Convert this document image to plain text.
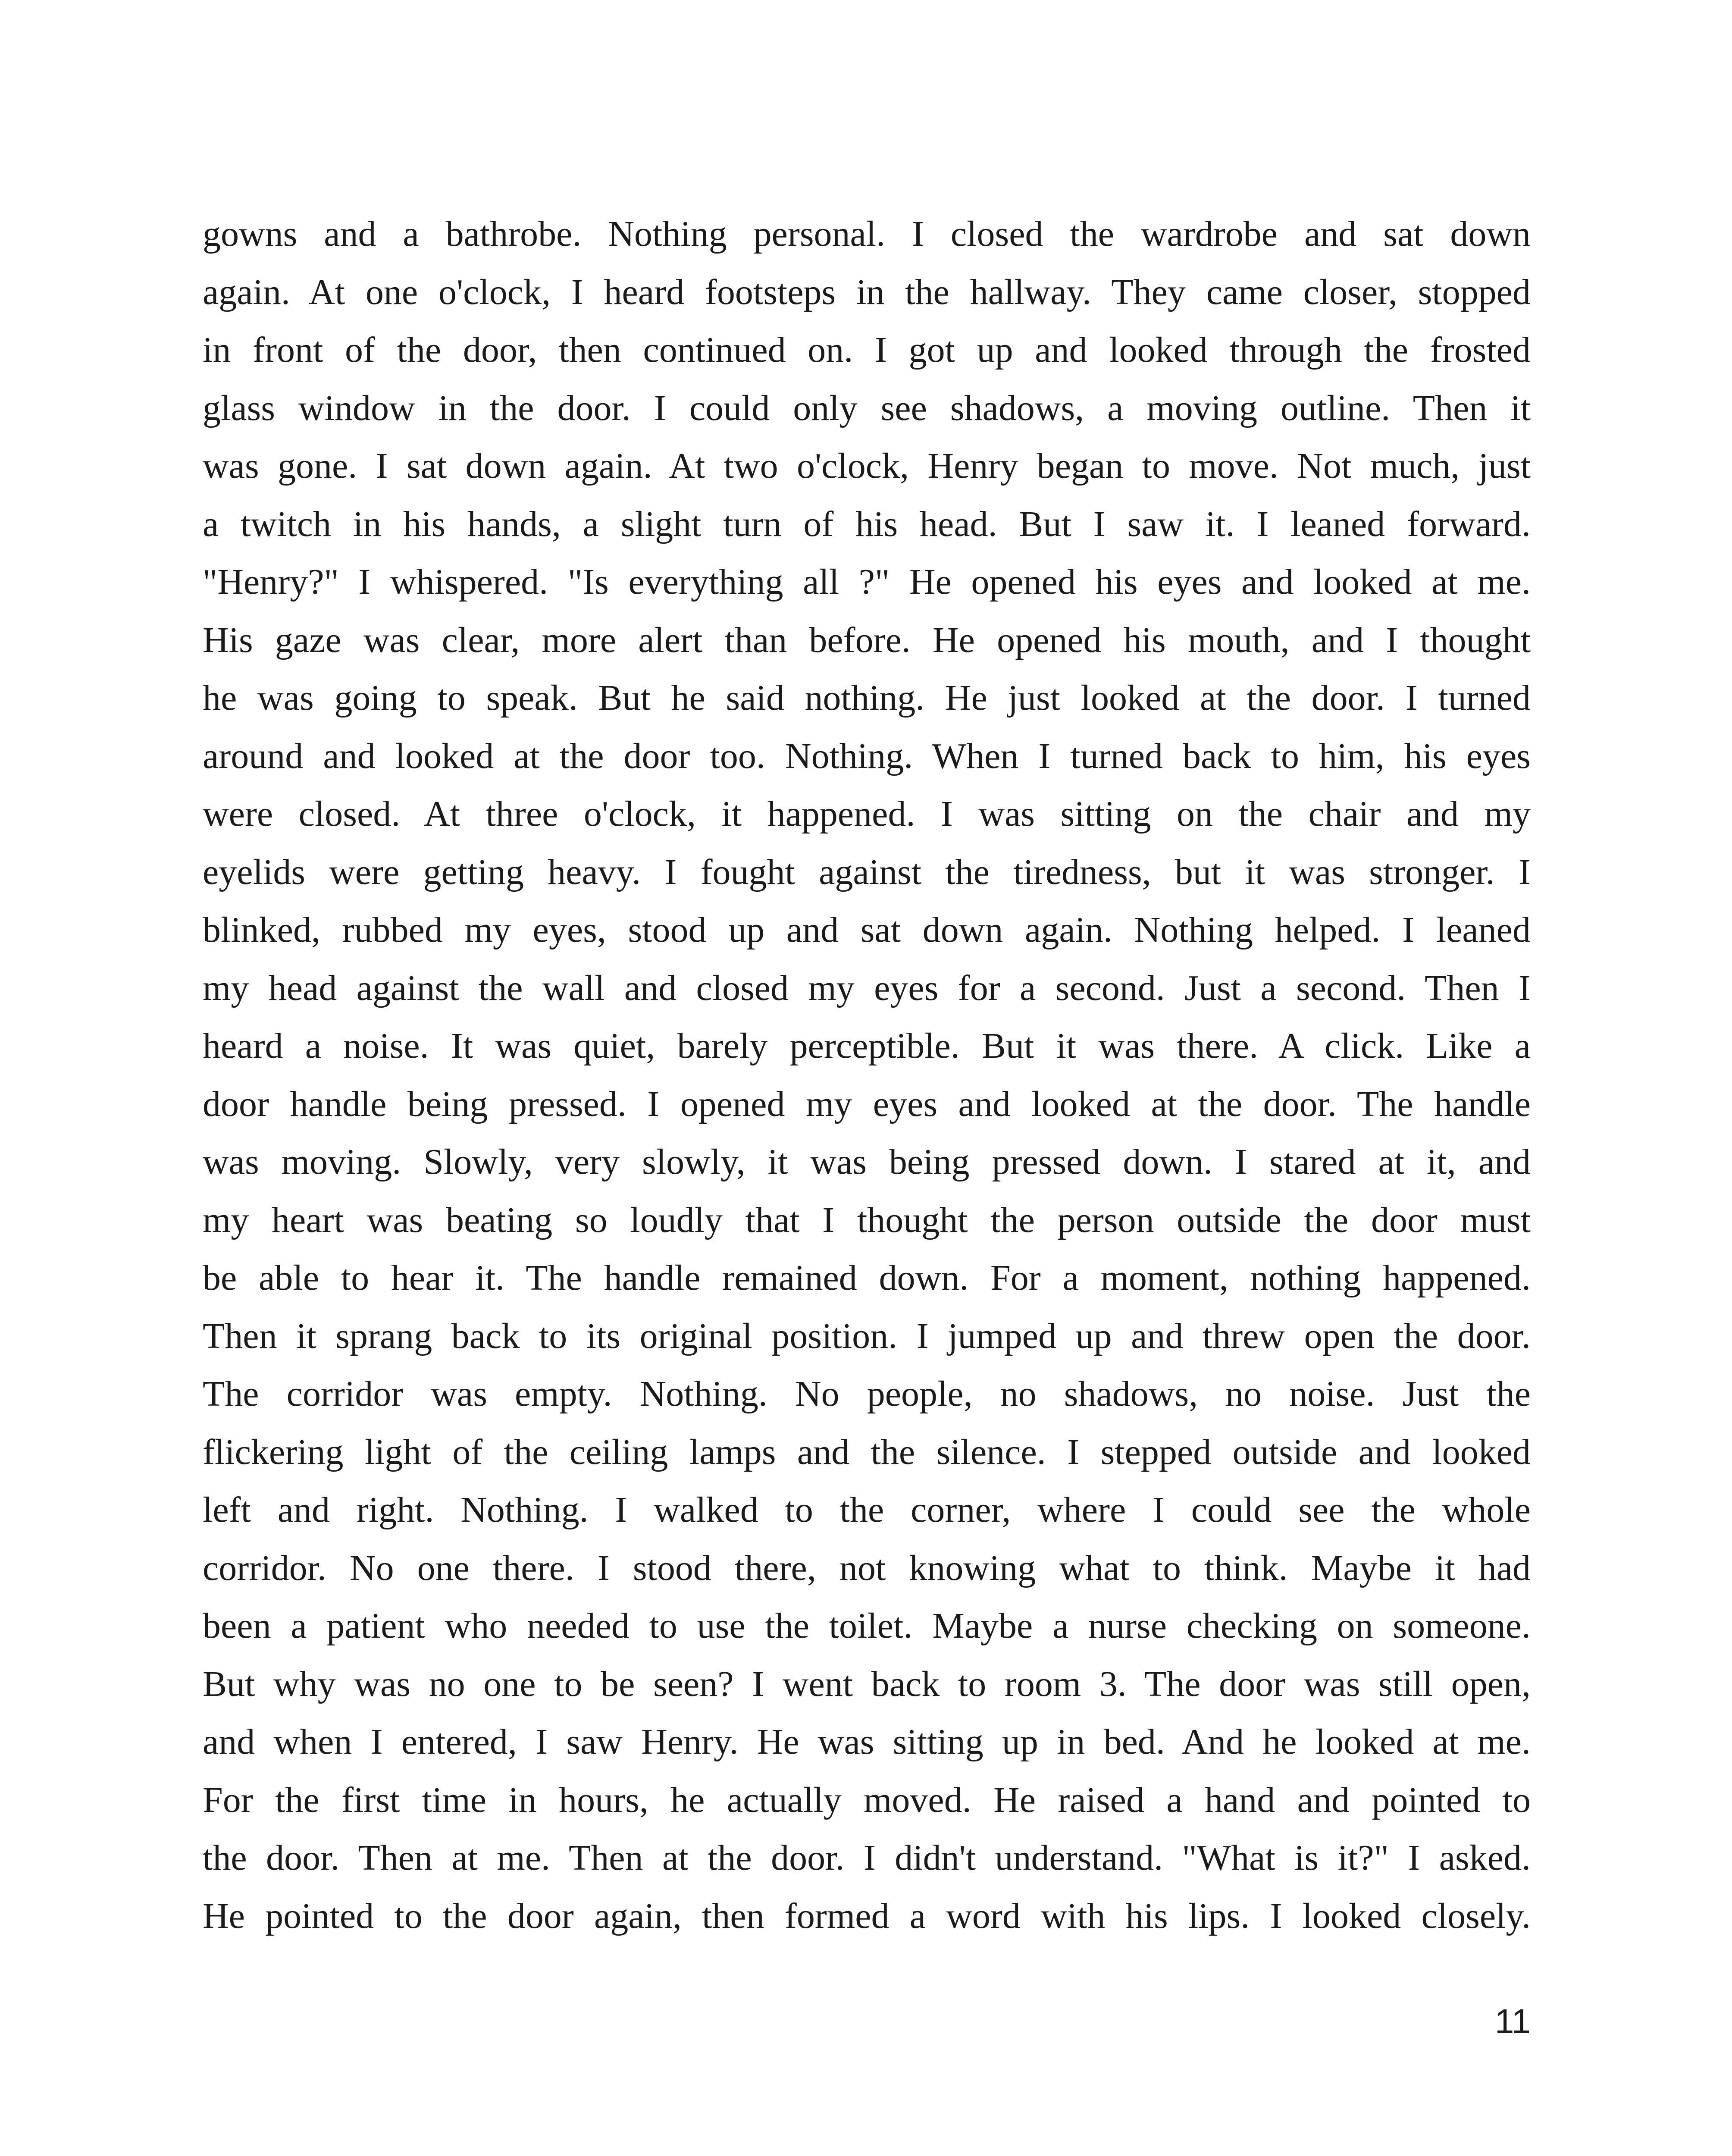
gowns and a bathrobe. Nothing personal. I closed the wardrobe and sat down
again. At one o'clock, I heard footsteps in the hallway. They came closer, stopped
in front of the door, then continued on. I got up and looked through the frosted
glass window in the door. I could only see shadows, a moving outline. Then it
was gone. I sat down again. At two o'clock, Henry began to move. Not much, just
a twitch in his hands, a slight turn of his head. But I saw it. I leaned forward.
"Henry?" I whispered. "Is everything all ?" He opened his eyes and looked at me.
His gaze was clear, more alert than before. He opened his mouth, and I thought
he was going to speak. But he said nothing. He just looked at the door. I turned
around and looked at the door too. Nothing. When I turned back to him, his eyes
were closed. At three o'clock, it happened. I was sitting on the chair and my
eyelids were getting heavy. I fought against the tiredness, but it was stronger. I
blinked, rubbed my eyes, stood up and sat down again. Nothing helped. I leaned
my head against the wall and closed my eyes for a second. Just a second. Then I
heard a noise. It was quiet, barely perceptible. But it was there. A click. Like a
door handle being pressed. I opened my eyes and looked at the door. The handle
was moving. Slowly, very slowly, it was being pressed down. I stared at it, and
my heart was beating so loudly that I thought the person outside the door must
be able to hear it. The handle remained down. For a moment, nothing happened.
Then it sprang back to its original position. I jumped up and threw open the door.
The corridor was empty. Nothing. No people, no shadows, no noise. Just the
flickering light of the ceiling lamps and the silence. I stepped outside and looked
left and right. Nothing. I walked to the corner, where I could see the whole
corridor. No one there. I stood there, not knowing what to think. Maybe it had
been a patient who needed to use the toilet. Maybe a nurse checking on someone.
But why was no one to be seen? I went back to room 3. The door was still open,
and when I entered, I saw Henry. He was sitting up in bed. And he looked at me.
For the first time in hours, he actually moved. He raised a hand and pointed to
the door. Then at me. Then at the door. I didn't understand. "What is it?" I asked.
He pointed to the door again, then formed a word with his lips. I looked closely.

11
